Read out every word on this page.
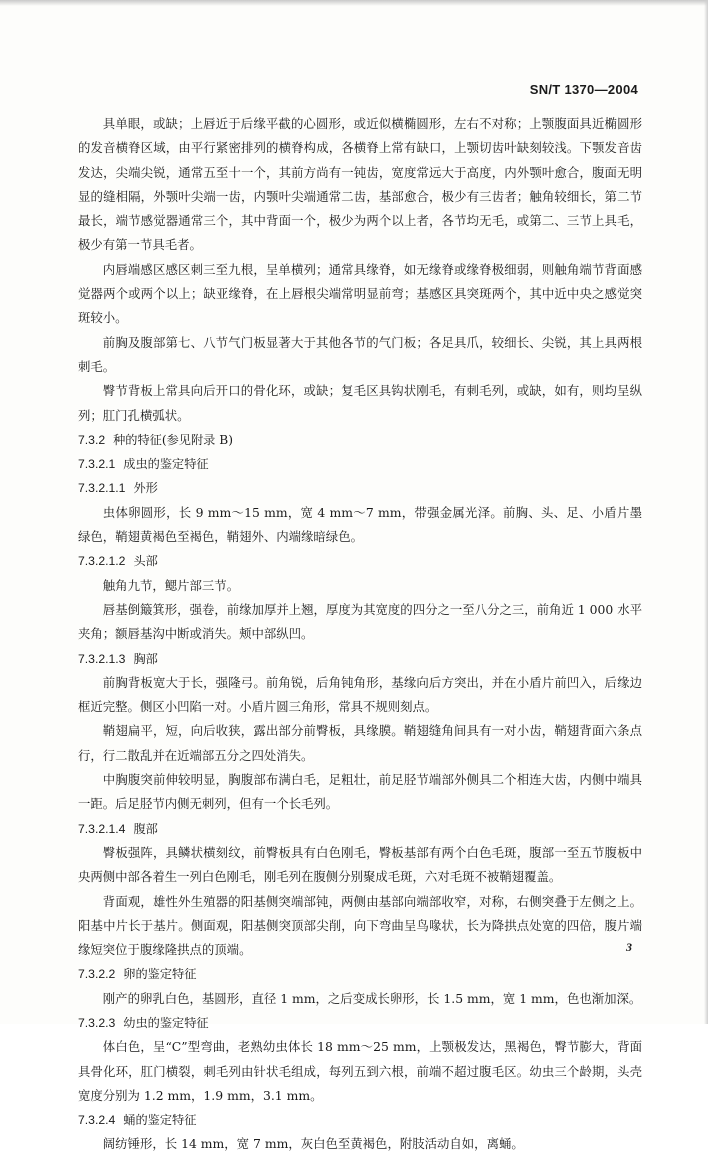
SN/T 1370—2004

具单眼，或缺；上唇近于后缘平截的心圆形，或近似横椭圆形，左右不对称；上颚腹面具近椭圆形的发音横脊区域，由平行紧密排列的横脊构成，各横脊上常有缺口，上颚切齿叶缺刻较浅。下颚发音齿发达，尖端尖锐，通常五至十一个，其前方尚有一钝齿，宽度常远大于高度，内外颚叶愈合，腹面无明显的缝相隔，外颚叶尖端一齿，内颚叶尖端通常二齿，基部愈合，极少有三齿者；触角较细长，第二节最长，端节感觉器通常三个，其中背面一个，极少为两个以上者，各节均无毛，或第二、三节上具毛，极少有第一节具毛者。

内唇端感区感区刺三至九根，呈单横列；通常具缘脊，如无缘脊或缘脊极细弱，则触角端节背面感觉器两个或两个以上；缺亚缘脊，在上唇根尖端常明显前弯；基感区具突斑两个，其中近中央之感觉突斑较小。

前胸及腹部第七、八节气门板显著大于其他各节的气门板；各足具爪，较细长、尖锐，其上具两根刺毛。

臀节背板上常具向后开口的骨化环，或缺；复毛区具钩状刚毛，有刺毛列，或缺，如有，则均呈纵列；肛门孔横弧状。

7.3.2 种的特征(参见附录 B)
7.3.2.1 成虫的鉴定特征
7.3.2.1.1 外形

虫体卵圆形，长 9 mm～15 mm，宽 4 mm～7 mm，带强金属光泽。前胸、头、足、小盾片墨绿色，鞘翅黄褐色至褐色，鞘翅外、内端缘暗绿色。

7.3.2.1.2 头部

触角九节，鳃片部三节。

唇基倒簸箕形，强卷，前缘加厚并上翘，厚度为其宽度的四分之一至八分之三，前角近 1 000 水平夹角；额唇基沟中断或消失。颊中部纵凹。

7.3.2.1.3 胸部

前胸背板宽大于长，强隆弓。前角锐，后角钝角形，基缘向后方突出，并在小盾片前凹入，后缘边框近完整。侧区小凹陷一对。小盾片圆三角形，常具不规则刻点。

鞘翅扁平，短，向后收狭，露出部分前臀板，具缘膜。鞘翅缝角间具有一对小齿，鞘翅背面六条点行，行二散乱并在近端部五分之四处消失。

中胸腹突前伸较明显，胸腹部布满白毛，足粗壮，前足胫节端部外侧具二个相连大齿，内侧中端具一距。后足胫节内侧无刺列，但有一个长毛列。

7.3.2.1.4 腹部

臀板强阵，具鳞状横刻纹，前臀板具有白色刚毛，臀板基部有两个白色毛斑，腹部一至五节腹板中央两侧中部各着生一列白色刚毛，刚毛列在腹侧分别聚成毛斑，六对毛斑不被鞘翅覆盖。

背面观，雄性外生殖器的阳基侧突端部钝，两侧由基部向端部收窄，对称，右侧突叠于左侧之上。阳基中片长于基片。侧面观，阳基侧突顶部尖削，向下弯曲呈鸟喙状，长为降拱点处宽的四倍，腹片端缘短突位于腹缘隆拱点的顶端。

7.3.2.2 卵的鉴定特征

刚产的卵乳白色，基圆形，直径 1 mm，之后变成长卵形，长 1.5 mm，宽 1 mm，色也渐加深。

7.3.2.3 幼虫的鉴定特征

体白色，呈“C”型弯曲，老熟幼虫体长 18 mm～25 mm，上颚极发达，黑褐色，臀节膨大，背面具骨化环，肛门横裂，刺毛列由针状毛组成，每列五到六根，前端不超过腹毛区。幼虫三个龄期，头壳宽度分别为 1.2 mm，1.9 mm，3.1 mm。

7.3.2.4 蛹的鉴定特征

阔纺锤形，长 14 mm，宽 7 mm，灰白色至黄褐色，附肢活动自如，离蛹。

3
